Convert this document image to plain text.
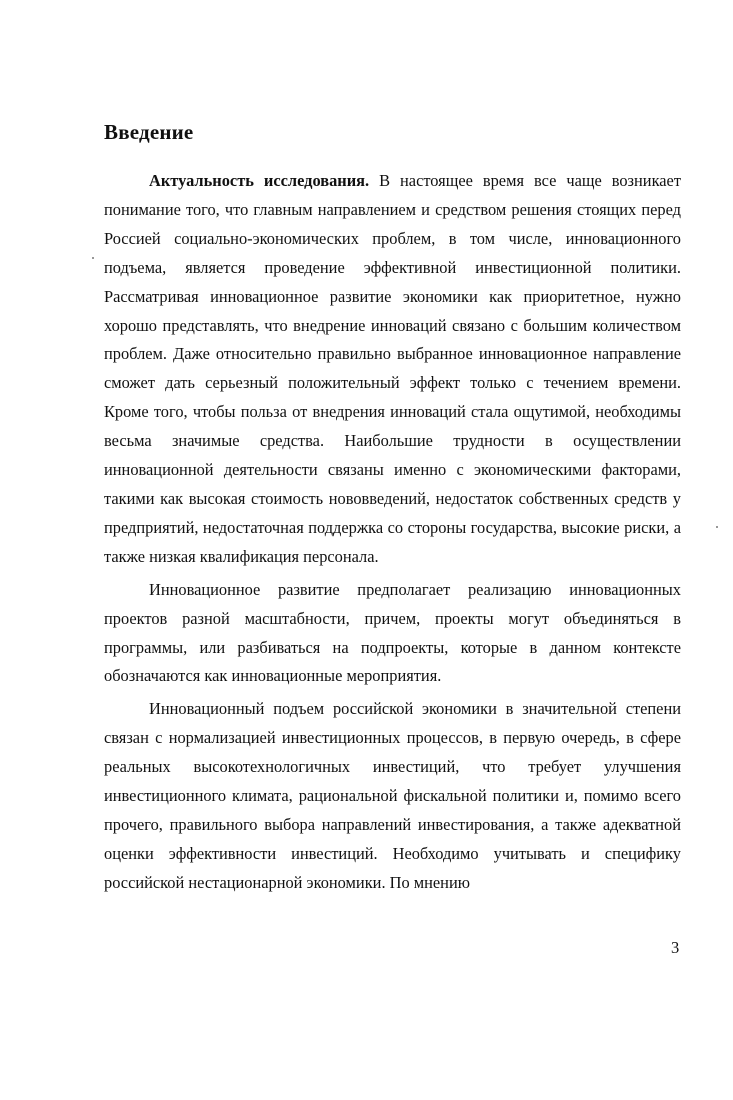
Введение

Актуальность исследования. В настоящее время все чаще возникает понимание того, что главным направлением и средством решения стоящих перед Россией социально-экономических проблем, в том числе, инновационного подъема, является проведение эффективной инвестиционной политики. Рассматривая инновационное развитие экономики как приоритетное, нужно хорошо представлять, что внедрение инноваций связано с большим количеством проблем. Даже относительно правильно выбранное инновационное направление сможет дать серьезный положительный эффект только с течением времени. Кроме того, чтобы польза от внедрения инноваций стала ощутимой, необходимы весьма значимые средства. Наибольшие трудности в осуществлении инновационной деятельности связаны именно с экономическими факторами, такими как высокая стоимость нововведений, недостаток собственных средств у предприятий, недостаточная поддержка со стороны государства, высокие риски, а также низкая квалификация персонала.

Инновационное развитие предполагает реализацию инновационных проектов разной масштабности, причем, проекты могут объединяться в программы, или разбиваться на подпроекты, которые в данном контексте обозначаются как инновационные мероприятия.

Инновационный подъем российской экономики в значительной степени связан с нормализацией инвестиционных процессов, в первую очередь, в сфере реальных высокотехнологичных инвестиций, что требует улучшения инвестиционного климата, рациональной фискальной политики и, помимо всего прочего, правильного выбора направлений инвестирования, а также адекватной оценки эффективности инвестиций. Необходимо учитывать и специфику российской нестационарной экономики. По мнению

3
